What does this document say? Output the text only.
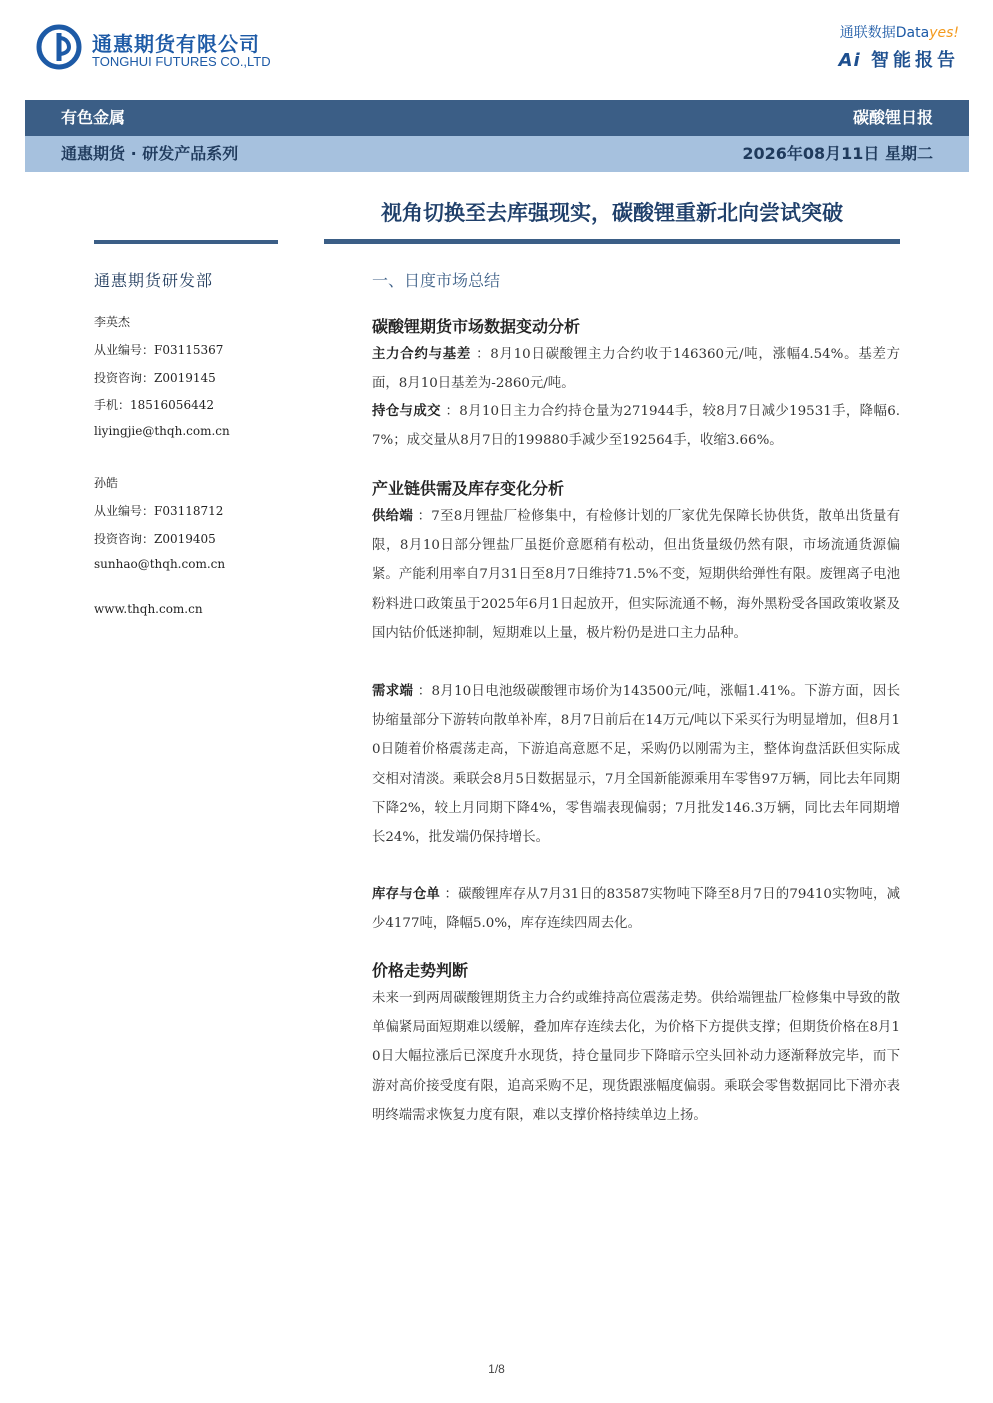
通惠期货有限公司
TONGHUI FUTURES CO.,LTD
通联数据Datayes!
Ai 智能报告
有色金属	碳酸锂日报
通惠期货 · 研发产品系列	2026年08月11日 星期二
视角切换至去库强现实，碳酸锂重新北向尝试突破
通惠期货研发部
李英杰
从业编号：F03115367
投资咨询：Z0019145
手机：18516056442
liyingjie@thqh.com.cn
孙皓
从业编号：F03118712
投资咨询：Z0019405
sunhao@thqh.com.cn
www.thqh.com.cn
一、日度市场总结
碳酸锂期货市场数据变动分析

主力合约与基差 ：8月10日碳酸锂主力合约收于146360元/吨，涨幅4.54%。基差方面，8月10日基差为-2860元/吨。

持仓与成交 ：8月10日主力合约持仓量为271944手，较8月7日减少19531手，降幅6.7%；成交量从8月7日的199880手减少至192564手，收缩3.66%。

产业链供需及库存变化分析

供给端 ：7至8月锂盐厂检修集中，有检修计划的厂家优先保障长协供货，散单出货量有限，8月10日部分锂盐厂虽挺价意愿稍有松动，但出货量级仍然有限，市场流通货源偏紧。产能利用率自7月31日至8月7日维持71.5%不变，短期供给弹性有限。废锂离子电池粉料进口政策虽于2025年6月1日起放开，但实际流通不畅，海外黑粉受各国政策收紧及国内钴价低迷抑制，短期难以上量，极片粉仍是进口主力品种。

需求端 ：8月10日电池级碳酸锂市场价为143500元/吨，涨幅1.41%。下游方面，因长协缩量部分下游转向散单补库，8月7日前后在14万元/吨以下采买行为明显增加，但8月10日随着价格震荡走高，下游追高意愿不足，采购仍以刚需为主，整体询盘活跃但实际成交相对清淡。乘联会8月5日数据显示，7月全国新能源乘用车零售97万辆，同比去年同期下降2%，较上月同期下降4%，零售端表现偏弱；7月批发146.3万辆，同比去年同期增长24%，批发端仍保持增长。

库存与仓单 ：碳酸锂库存从7月31日的83587实物吨下降至8月7日的79410实物吨，减少4177吨，降幅5.0%，库存连续四周去化。

价格走势判断

未来一到两周碳酸锂期货主力合约或维持高位震荡走势。供给端锂盐厂检修集中导致的散单偏紧局面短期难以缓解，叠加库存连续去化，为价格下方提供支撑；但期货价格在8月10日大幅拉涨后已深度升水现货，持仓量同步下降暗示空头回补动力逐渐释放完毕，而下游对高价接受度有限，追高采购不足，现货跟涨幅度偏弱。乘联会零售数据同比下滑亦表明终端需求恢复力度有限，难以支撑价格持续单边上扬。

1/8
